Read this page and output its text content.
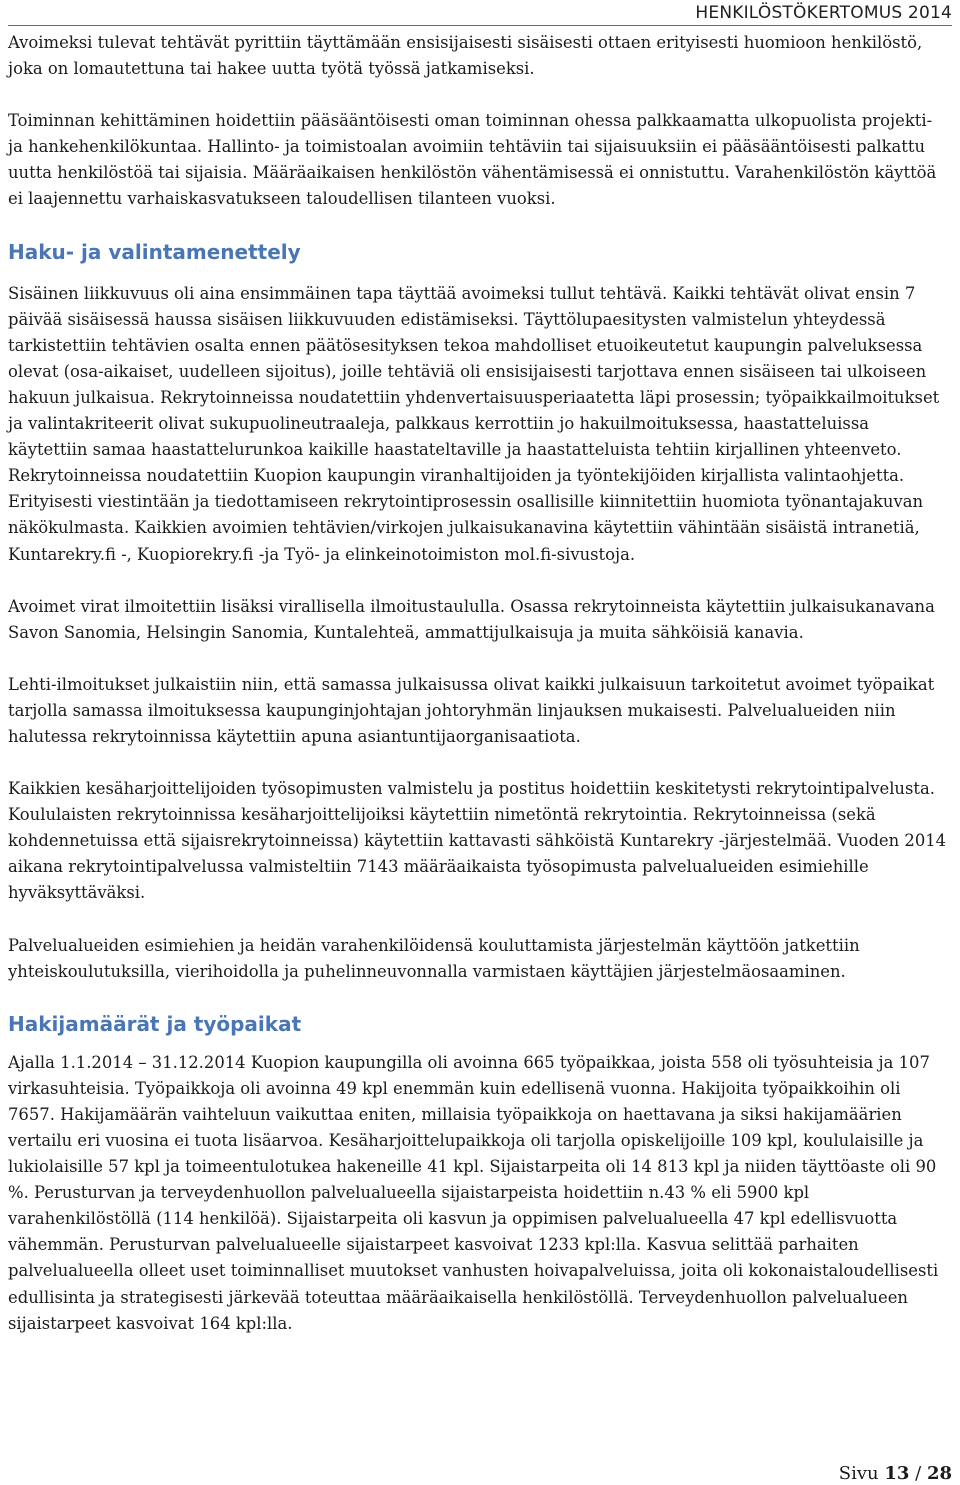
HENKILÖSTÖKERTOMUS 2014

Avoimeksi tulevat tehtävät pyrittiin täyttämään ensisijaisesti sisäisesti ottaen erityisesti huomioon henkilöstö, joka on lomautettuna tai hakee uutta työtä työssä jatkamiseksi.

Toiminnan kehittäminen hoidettiin pääsääntöisesti oman toiminnan ohessa palkkaamatta ulkopuolista projekti- ja hankehenkilökuntaa. Hallinto- ja toimistoalan avoimiin tehtäviin tai sijaisuuksiin ei pääsääntöisesti palkattu uutta henkilöstöä tai sijaisia. Määräaikaisen henkilöstön vähentämisessä ei onnistuttu. Varahenkilöstön käyttöä ei laajennettu varhaiskasvatukseen taloudellisen tilanteen vuoksi.

Haku- ja valintamenettely

Sisäinen liikkuvuus oli aina ensimmäinen tapa täyttää avoimeksi tullut tehtävä. Kaikki tehtävät olivat ensin 7 päivää sisäisessä haussa sisäisen liikkuvuuden edistämiseksi. Täyttölupaesitysten valmistelun yhteydessä tarkistettiin tehtävien osalta ennen päätösesityksen tekoa mahdolliset etuoikeutetut kaupungin palveluksessa olevat (osa-aikaiset, uudelleen sijoitus), joille tehtäviä oli ensisijaisesti tarjottava ennen sisäiseen tai ulkoiseen hakuun julkaisua. Rekrytoinneissa noudatettiin yhdenvertaisuusperiaatetta läpi prosessin; työpaikkailmoitukset ja valintakriteerit olivat sukupuolineutraaleja, palkkaus kerrottiin jo hakuilmoituksessa, haastatteluissa käytettiin samaa haastattelurunkoa kaikille haastateltaville ja haastatteluista tehtiin kirjallinen yhteenveto. Rekrytoinneissa noudatettiin Kuopion kaupungin viranhaltijoiden ja työntekijöiden kirjallista valintaohjetta. Erityisesti viestintään ja tiedottamiseen rekrytointiprosessin osallisille kiinnitettiin huomiota työnantajakuvan näkökulmasta. Kaikkien avoimien tehtävien/virkojen julkaisukanavina käytettiin vähintään sisäistä intranetiä, Kuntarekry.fi -, Kuopiorekry.fi -ja Työ- ja elinkeinotoimiston mol.fi-sivustoja.

Avoimet virat ilmoitettiin lisäksi virallisella ilmoitustaululla. Osassa rekrytoinneista käytettiin julkaisukanavana Savon Sanomia, Helsingin Sanomia, Kuntalehteä, ammattijulkaisuja ja muita sähköisiä kanavia.

Lehti-ilmoitukset julkaistiin niin, että samassa julkaisussa olivat kaikki julkaisuun tarkoitetut avoimet työpaikat tarjolla samassa ilmoituksessa kaupunginjohtajan johtoryhmän linjauksen mukaisesti. Palvelualueiden niin halutessa rekrytoinnissa käytettiin apuna asiantuntijaorganisaatiota.

Kaikkien kesäharjoittelijoiden työsopimusten valmistelu ja postitus hoidettiin keskitetysti rekrytointipalvelusta. Koululaisten rekrytoinnissa kesäharjoittelijoiksi käytettiin nimetöntä rekrytointia. Rekrytoinneissa (sekä kohdennetuissa että sijaisrekrytoinneissa) käytettiin kattavasti sähköistä Kuntarekry -järjestelmää. Vuoden 2014 aikana rekrytointipalvelussa valmisteltiin 7143 määräaikaista työsopimusta palvelualueiden esimiehille hyväksyttäväksi.

Palvelualueiden esimiehien ja heidän varahenkilöidensä kouluttamista järjestelmän käyttöön jatkettiin yhteiskoulutuksilla, vierihoidolla ja puhelinneuvonnalla varmistaen käyttäjien järjestelmäosaaminen.

Hakijamäärät ja työpaikat

Ajalla 1.1.2014 – 31.12.2014 Kuopion kaupungilla oli avoinna 665 työpaikkaa, joista 558 oli työsuhteisia ja 107 virkasuhteisia. Työpaikkoja oli avoinna 49 kpl enemmän kuin edellisenä vuonna. Hakijoita työpaikkoihin oli 7657. Hakijamäärän vaihteluun vaikuttaa eniten, millaisia työpaikkoja on haettavana ja siksi hakijamäärien vertailu eri vuosina ei tuota lisäarvoa. Kesäharjoittelupaikkoja oli tarjolla opiskelijoille 109 kpl, koululaisille ja lukiolaisille 57 kpl ja toimeentulotukea hakeneille 41 kpl. Sijaistarpeita oli 14 813 kpl ja niiden täyttöaste oli 90 %. Perusturvan ja terveydenhuollon palvelualueella sijaistarpeista hoidettiin n.43 % eli 5900 kpl varahenkilöstöllä (114 henkilöä). Sijaistarpeita oli kasvun ja oppimisen palvelualueella 47 kpl edellisvuotta vähemmän. Perusturvan palvelualueelle sijaistarpeet kasvoivat 1233 kpl:lla. Kasvua selittää parhaiten palvelualueella olleet uset toiminnalliset muutokset vanhusten hoivapalveluissa, joita oli kokonaistaloudellisesti edullisinta ja strategisesti järkevää toteuttaa määräaikaisella henkilöstöllä. Terveydenhuollon palvelualueen sijaistarpeet kasvoivat 164 kpl:lla.

Sivu 13 / 28
